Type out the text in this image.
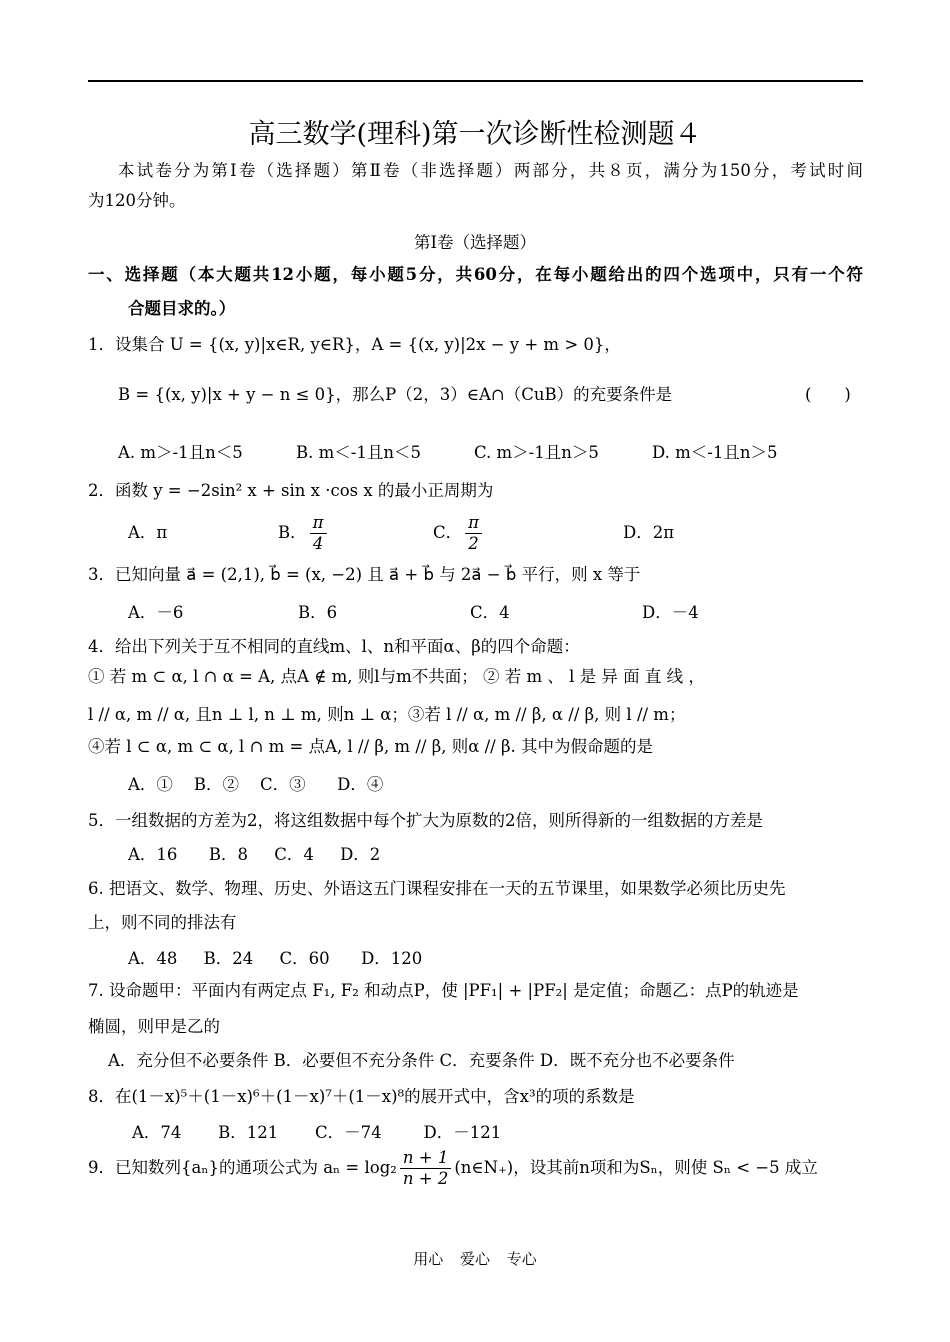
高三数学(理科)第一次诊断性检测题４
本试卷分为第Ⅰ卷（选择题）第Ⅱ卷（非选择题）两部分，共８页，满分为150分，考试时间
为120分钟。
第Ⅰ卷（选择题）
一、选择题（本大题共12小题，每小题5分，共60分，在每小题给出的四个选项中，只有一个符
合题目求的。）
1．设集合 U = {(x, y)|x∈R, y∈R}，A = {(x, y)|2x − y + m > 0}，
B = {(x, y)|x + y − n ≤ 0}，那么P（2，3）∈A∩（CuB）的充要条件是	(　　)
A. m＞-1且n＜5	B. m＜-1且n＜5	C. m＞-1且n＞5	D. m＜-1且n＞5
2．函数 y = −2sin² x + sin x ·cos x 的最小正周期为
A．π	B． $\frac{\pi}{4}$	C． $\frac{\pi}{2}$	D．2π
3．已知向量 a⃗ = (2,1), b⃗ = (x, −2) 且 a⃗ + b⃗ 与 2a⃗ − b⃗ 平行，则 x 等于
A．－6	B．6	C．4	D．－4
4．给出下列关于互不相同的直线m、l、n和平面α、β的四个命题：
① 若 m ⊂ α, l ∩ α = A, 点A ∉ m, 则l与m不共面； ② 若 m 、 l 是 异 面 直 线 ，
l // α, m // α, 且n ⊥ l, n ⊥ m, 则n ⊥ α；③若 l // α, m // β, α // β, 则 l // m；
④若 l ⊂ α, m ⊂ α, l ∩ m = 点A, l // β, m // β, 则α // β. 其中为假命题的是
A．①    B．②    C．③      D．④
5．一组数据的方差为2，将这组数据中每个扩大为原数的2倍，则所得新的一组数据的方差是
A．16      B．8     C．4     D．2
6. 把语文、数学、物理、历史、外语这五门课程安排在一天的五节课里，如果数学必须比历史先
上，则不同的排法有
A．48     B．24     C．60      D．120
7. 设命题甲：平面内有两定点 F₁, F₂ 和动点P，使 |PF₁| + |PF₂| 是定值；命题乙：点P的轨迹是
椭圆，则甲是乙的
A．充分但不必要条件 B．必要但不充分条件 C．充要条件 D．既不充分也不必要条件
8．在(1－x)⁵＋(1－x)⁶＋(1－x)⁷＋(1－x)⁸的展开式中，含x³的项的系数是
A．74       B．121       C．－74        D．－121
9．已知数列{aₙ}的通项公式为 $a_n = \log_2 \frac{n + 1}{n + 2}$ (n∈N₊)，设其前n项和为Sₙ，则使 Sₙ < −5 成立
用心 爱心 专心
